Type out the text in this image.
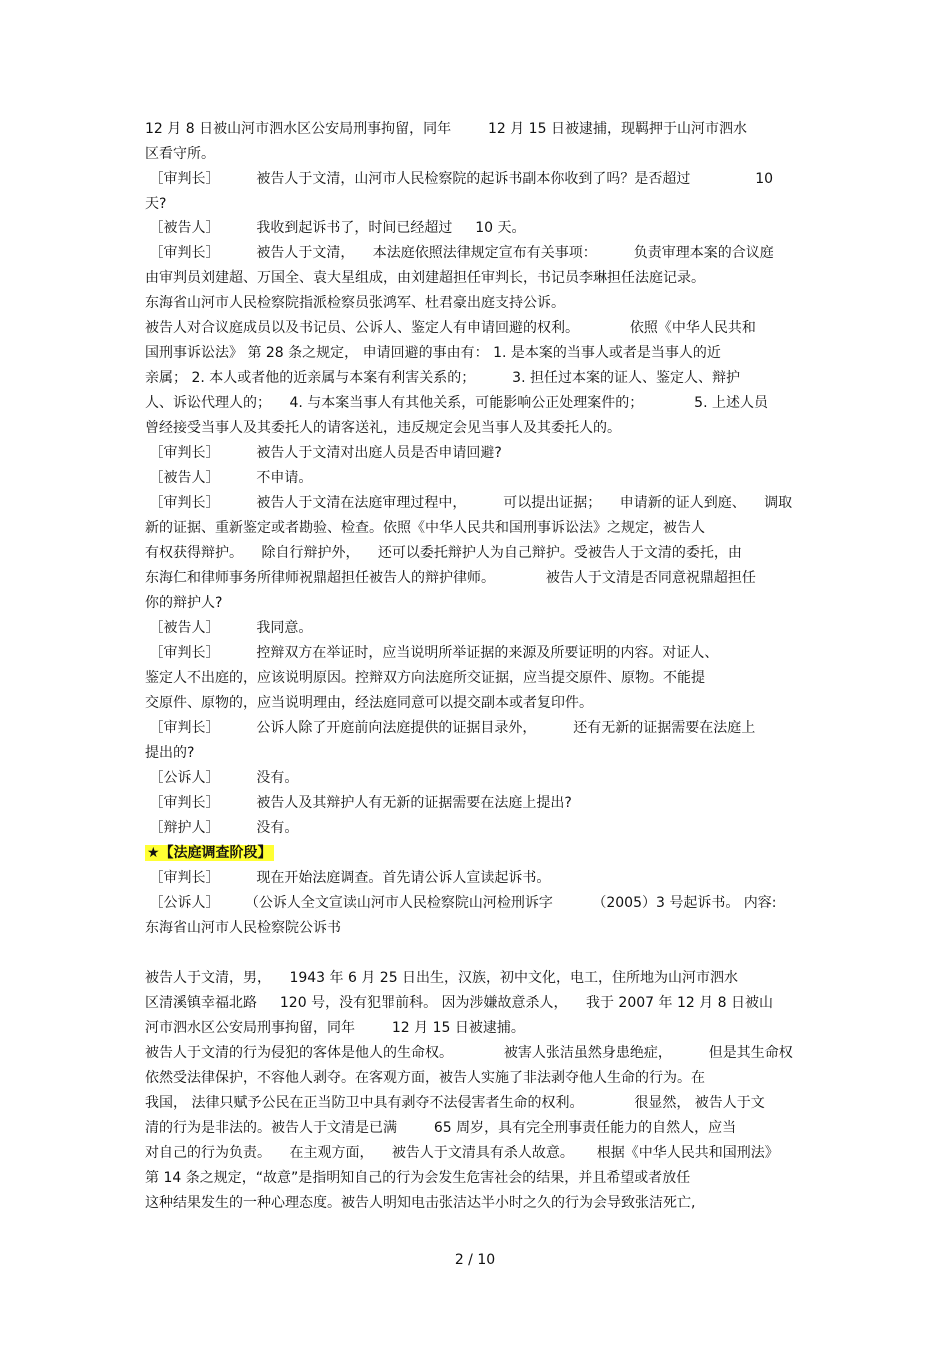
12 月 8 日被山河市泗水区公安局刑事拘留，同年 　　 12 月 15 日被逮捕，现羁押于山河市泗水
区看守所。
［审判长］ 　　 被告人于文清，山河市人民检察院的起诉书副本你收到了吗？是否超过 　　　　 10
天?
［被告人］ 　　 我收到起诉书了，时间已经超过 　 10 天。
［审判长］ 　　 被告人于文清， 　本法庭依照法律规定宣布有关事项： 　　 负责审理本案的合议庭
由审判员刘建超、万国全、袁大星组成，由刘建超担任审判长，书记员李琳担任法庭记录。
东海省山河市人民检察院指派检察员张鸿军、杜君豪出庭支持公诉。
被告人对合议庭成员以及书记员、公诉人、鉴定人有申请回避的权利。 　　　 依照《中华人民共和
国刑事诉讼法》 第 28 条之规定， 申请回避的事由有： 1. 是本案的当事人或者是当事人的近
亲属； 2. 本人或者他的近亲属与本案有利害关系的； 　　 3. 担任过本案的证人、鉴定人、辩护
人、诉讼代理人的； 　4. 与本案当事人有其他关系，可能影响公正处理案件的； 　　　 5. 上述人员
曾经接受当事人及其委托人的请客送礼，违反规定会见当事人及其委托人的。
［审判长］ 　　 被告人于文清对出庭人员是否申请回避?
［被告人］ 　　 不申请。
［审判长］ 　　 被告人于文清在法庭审理过程中， 　　 可以提出证据； 　申请新的证人到庭、 　调取
新的证据、重新鉴定或者勘验、检查。依照《中华人民共和国刑事诉讼法》之规定，被告人
有权获得辩护。 　除自行辩护外， 　还可以委托辩护人为自己辩护。受被告人于文清的委托，由
东海仁和律师事务所律师祝鼎超担任被告人的辩护律师。 　　　 被告人于文清是否同意祝鼎超担任
你的辩护人?
［被告人］ 　　 我同意。
［审判长］ 　　 控辩双方在举证时，应当说明所举证据的来源及所要证明的内容。对证人、
鉴定人不出庭的，应该说明原因。控辩双方向法庭所交证据，应当提交原件、原物。不能提
交原件、原物的，应当说明理由，经法庭同意可以提交副本或者复印件。
［审判长］ 　　 公诉人除了开庭前向法庭提供的证据目录外， 　　 还有无新的证据需要在法庭上
提出的?
［公诉人］ 　　 没有。
［审判长］ 　　 被告人及其辩护人有无新的证据需要在法庭上提出?
［辩护人］ 　　 没有。
★【法庭调查阶段】
［审判长］ 　　 现在开始法庭调查。首先请公诉人宣读起诉书。
［公诉人］ 　　（公诉人全文宣读山河市人民检察院山河检刑诉字 　　　（2005）3 号起诉书。 内容:
东海省山河市人民检察院公诉书
被告人于文清，男， 　1943 年 6 月 25 日出生，汉族，初中文化，电工，住所地为山河市泗水
区清溪镇幸福北路 　 120 号，没有犯罪前科。 因为涉嫌故意杀人， 　我于 2007 年 12 月 8 日被山
河市泗水区公安局刑事拘留，同年 　　 12 月 15 日被逮捕。
被告人于文清的行为侵犯的客体是他人的生命权。 　　　 被害人张洁虽然身患绝症， 　　 但是其生命权
依然受法律保护，不容他人剥夺。在客观方面，被告人实施了非法剥夺他人生命的行为。在
我国， 法律只赋予公民在正当防卫中具有剥夺不法侵害者生命的权利。 　　　 很显然， 被告人于文
清的行为是非法的。被告人于文清是已满 　　 65 周岁，具有完全刑事责任能力的自然人，应当
对自己的行为负责。 　在主观方面， 　被告人于文清具有杀人故意。 　 根据《中华人民共和国刑法》
第 14 条之规定，“故意”是指明知自己的行为会发生危害社会的结果，并且希望或者放任
这种结果发生的一种心理态度。被告人明知电击张洁达半小时之久的行为会导致张洁死亡,
2 / 10
